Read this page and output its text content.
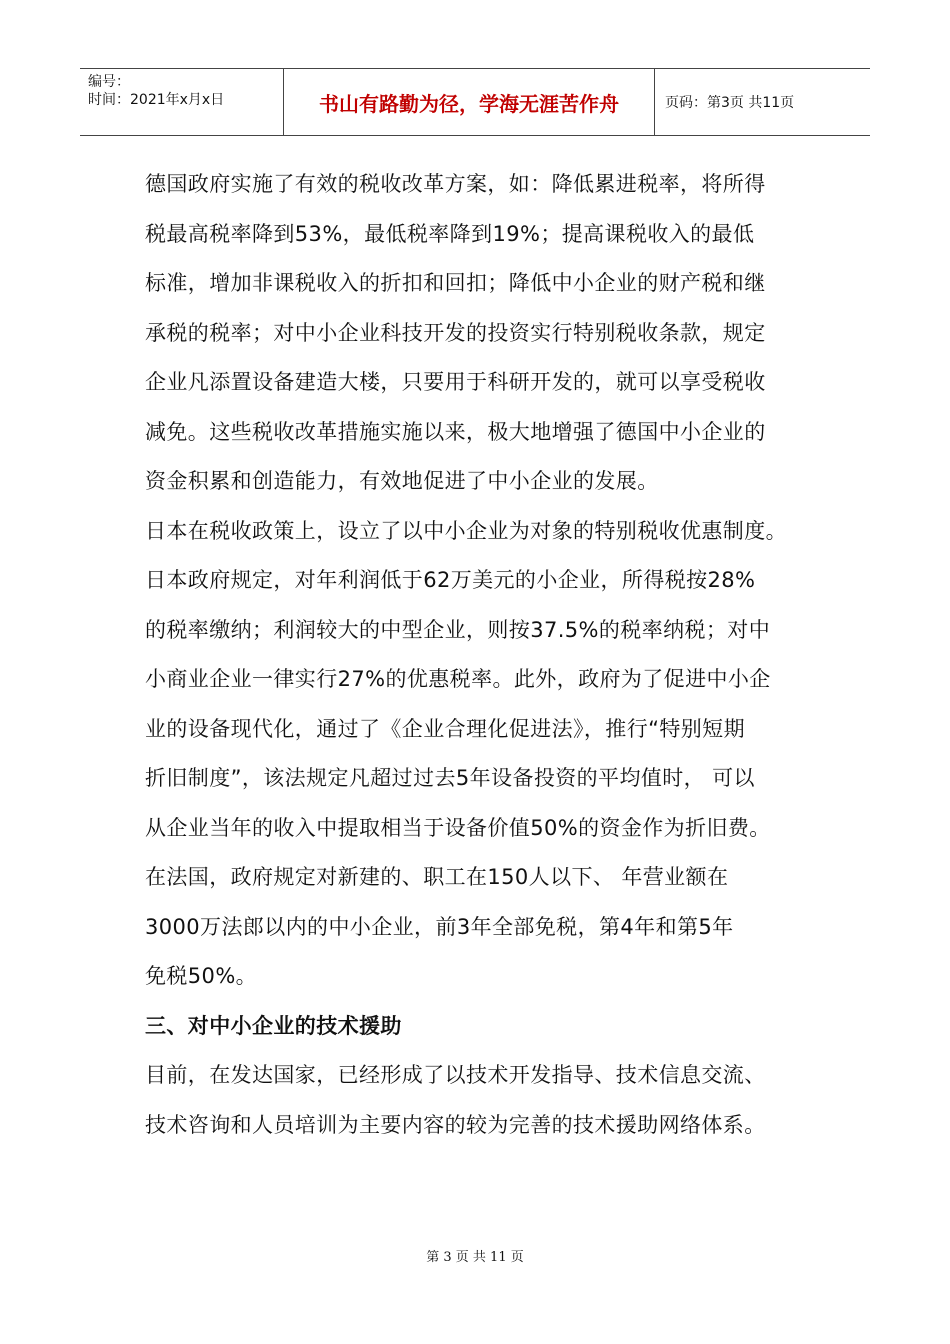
编号：
时间：2021年x月x日	书山有路勤为径，学海无涯苦作舟	页码：第3页 共11页
德国政府实施了有效的税收改革方案，如：降低累进税率，将所得
税最高税率降到53%，最低税率降到19%；提高课税收入的最低
标准，增加非课税收入的折扣和回扣；降低中小企业的财产税和继
承税的税率；对中小企业科技开发的投资实行特别税收条款，规定
企业凡添置设备建造大楼，只要用于科研开发的，就可以享受税收
减免。这些税收改革措施实施以来，极大地增强了德国中小企业的
资金积累和创造能力，有效地促进了中小企业的发展。
日本在税收政策上，设立了以中小企业为对象的特别税收优惠制度。
日本政府规定，对年利润低于62万美元的小企业，所得税按28%
的税率缴纳；利润较大的中型企业，则按37.5%的税率纳税；对中
小商业企业一律实行27%的优惠税率。此外，政府为了促进中小企
业的设备现代化，通过了《企业合理化促进法》，推行“特别短期
折旧制度”，该法规定凡超过过去5年设备投资的平均值时， 可以
从企业当年的收入中提取相当于设备价值50%的资金作为折旧费。
在法国，政府规定对新建的、职工在150人以下、 年营业额在
3000万法郎以内的中小企业，前3年全部免税，第4年和第5年
免税50%。
三、对中小企业的技术援助
目前，在发达国家，已经形成了以技术开发指导、技术信息交流、
技术咨询和人员培训为主要内容的较为完善的技术援助网络体系。
第 3 页 共 11 页
